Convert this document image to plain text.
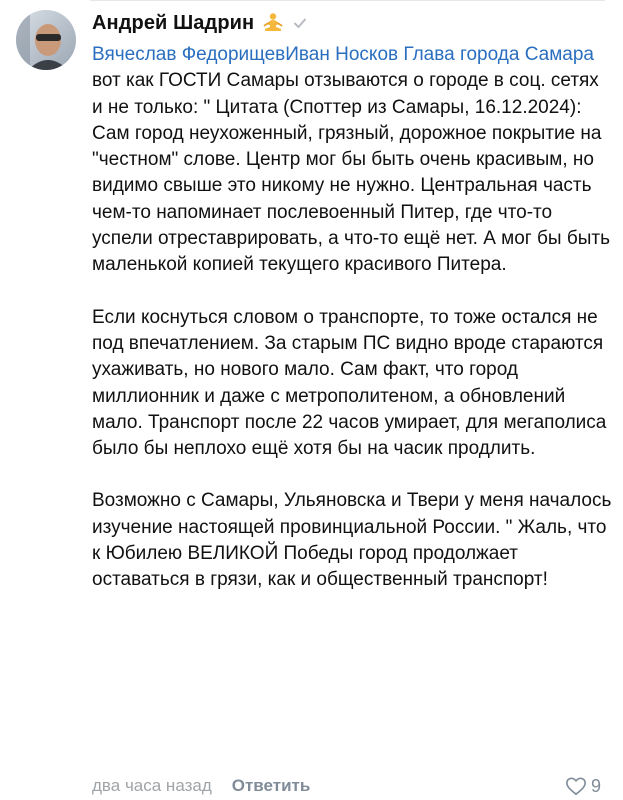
Андрей Шадрин

Вячеслав ФедорищевИван Носков Глава города Самара вот как ГОСТИ Самары отзываются о городе в соц. сетях и не только: " Цитата (Споттер из Самары, 16.12.2024):
Сам город неухоженный, грязный, дорожное покрытие на "честном" слове. Центр мог бы быть очень красивым, но видимо свыше это никому не нужно. Центральная часть чем-то напоминает послевоенный Питер, где что-то успели отреставрировать, а что-то ещё нет. А мог бы быть маленькой копией текущего красивого Питера.

Если коснуться словом о транспорте, то тоже остался не под впечатлением. За старым ПС видно вроде стараются ухаживать, но нового мало. Сам факт, что город миллионник и даже с метрополитеном, а обновлений мало. Транспорт после 22 часов умирает, для мегаполиса было бы неплохо ещё хотя бы на часик продлить.

Возможно с Самары, Ульяновска и Твери у меня началось изучение настоящей провинциальной России. " Жаль, что к Юбилею ВЕЛИКОЙ Победы город продолжает оставаться в грязи, как и общественный транспорт!

два часа назад Ответить	9
